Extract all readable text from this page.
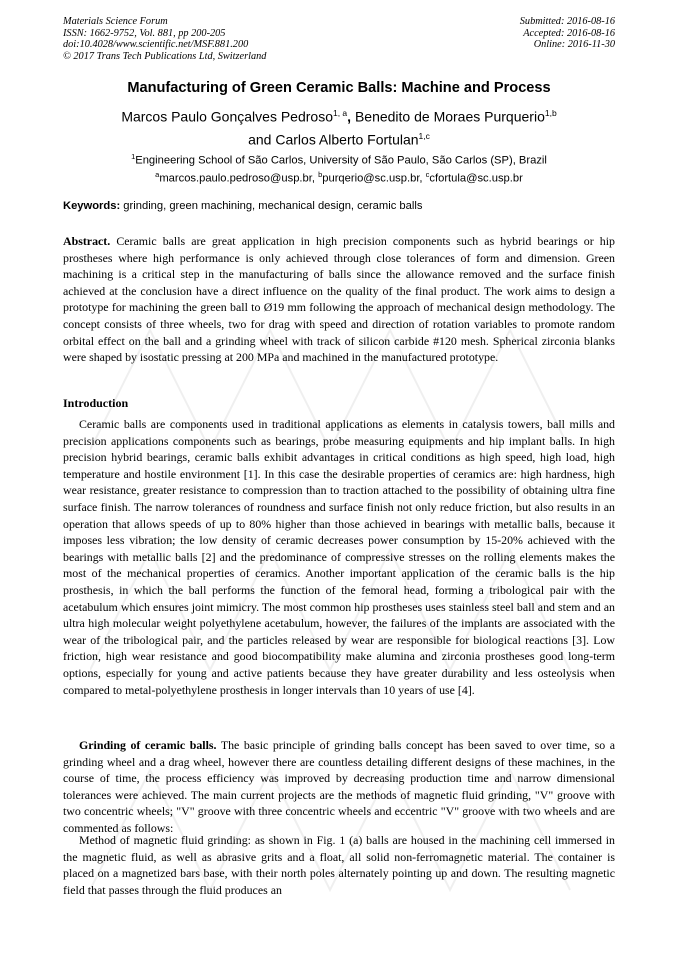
Materials Science Forum
ISSN: 1662-9752, Vol. 881, pp 200-205
doi:10.4028/www.scientific.net/MSF.881.200
© 2017 Trans Tech Publications Ltd, Switzerland
Submitted: 2016-08-16
Accepted: 2016-08-16
Online: 2016-11-30
Manufacturing of Green Ceramic Balls: Machine and Process
Marcos Paulo Gonçalves Pedroso$^{1, a}$, Benedito de Moraes Purquerio$^{1,b}$
and Carlos Alberto Fortulan$^{1,c}$
$^1$Engineering School of São Carlos, University of São Paulo, São Carlos (SP), Brazil
$^a$marcos.paulo.pedroso@usp.br, $^b$purqerio@sc.usp.br, $^c$cfortula@sc.usp.br
Keywords: grinding, green machining, mechanical design, ceramic balls

Abstract. Ceramic balls are great application in high precision components such as hybrid bearings or hip prostheses where high performance is only achieved through close tolerances of form and dimension. Green machining is a critical step in the manufacturing of balls since the allowance removed and the surface finish achieved at the conclusion have a direct influence on the quality of the final product. The work aims to design a prototype for machining the green ball to Ø19 mm following the approach of mechanical design methodology. The concept consists of three wheels, two for drag with speed and direction of rotation variables to promote random orbital effect on the ball and a grinding wheel with track of silicon carbide #120 mesh. Spherical zirconia blanks were shaped by isostatic pressing at 200 MPa and machined in the manufactured prototype.

Introduction

Ceramic balls are components used in traditional applications as elements in catalysis towers, ball mills and precision applications components such as bearings, probe measuring equipments and hip implant balls. In high precision hybrid bearings, ceramic balls exhibit advantages in critical conditions as high speed, high load, high temperature and hostile environment [1]. In this case the desirable properties of ceramics are: high hardness, high wear resistance, greater resistance to compression than to traction attached to the possibility of obtaining ultra fine surface finish. The narrow tolerances of roundness and surface finish not only reduce friction, but also results in an operation that allows speeds of up to 80% higher than those achieved in bearings with metallic balls, because it imposes less vibration; the low density of ceramic decreases power consumption by 15-20% achieved with the bearings with metallic balls [2] and the predominance of compressive stresses on the rolling elements makes the most of the mechanical properties of ceramics. Another important application of the ceramic balls is the hip prosthesis, in which the ball performs the function of the femoral head, forming a tribological pair with the acetabulum which ensures joint mimicry. The most common hip prostheses uses stainless steel ball and stem and an ultra high molecular weight polyethylene acetabulum, however, the failures of the implants are associated with the wear of the tribological pair, and the particles released by wear are responsible for biological reactions [3]. Low friction, high wear resistance and good biocompatibility make alumina and zirconia prostheses good long-term options, especially for young and active patients because they have greater durability and less osteolysis when compared to metal-polyethylene prosthesis in longer intervals than 10 years of use [4].

Grinding of ceramic balls. The basic principle of grinding balls concept has been saved to over time, so a grinding wheel and a drag wheel, however there are countless detailing different designs of these machines, in the course of time, the process efficiency was improved by decreasing production time and narrow dimensional tolerances were achieved. The main current projects are the methods of magnetic fluid grinding, "V" groove with two concentric wheels; "V" groove with three concentric wheels and eccentric "V" groove with two wheels and are commented as follows:

Method of magnetic fluid grinding: as shown in Fig. 1 (a) balls are housed in the machining cell immersed in the magnetic fluid, as well as abrasive grits and a float, all solid non-ferromagnetic material. The container is placed on a magnetized bars base, with their north poles alternately pointing up and down. The resulting magnetic field that passes through the fluid produces an
